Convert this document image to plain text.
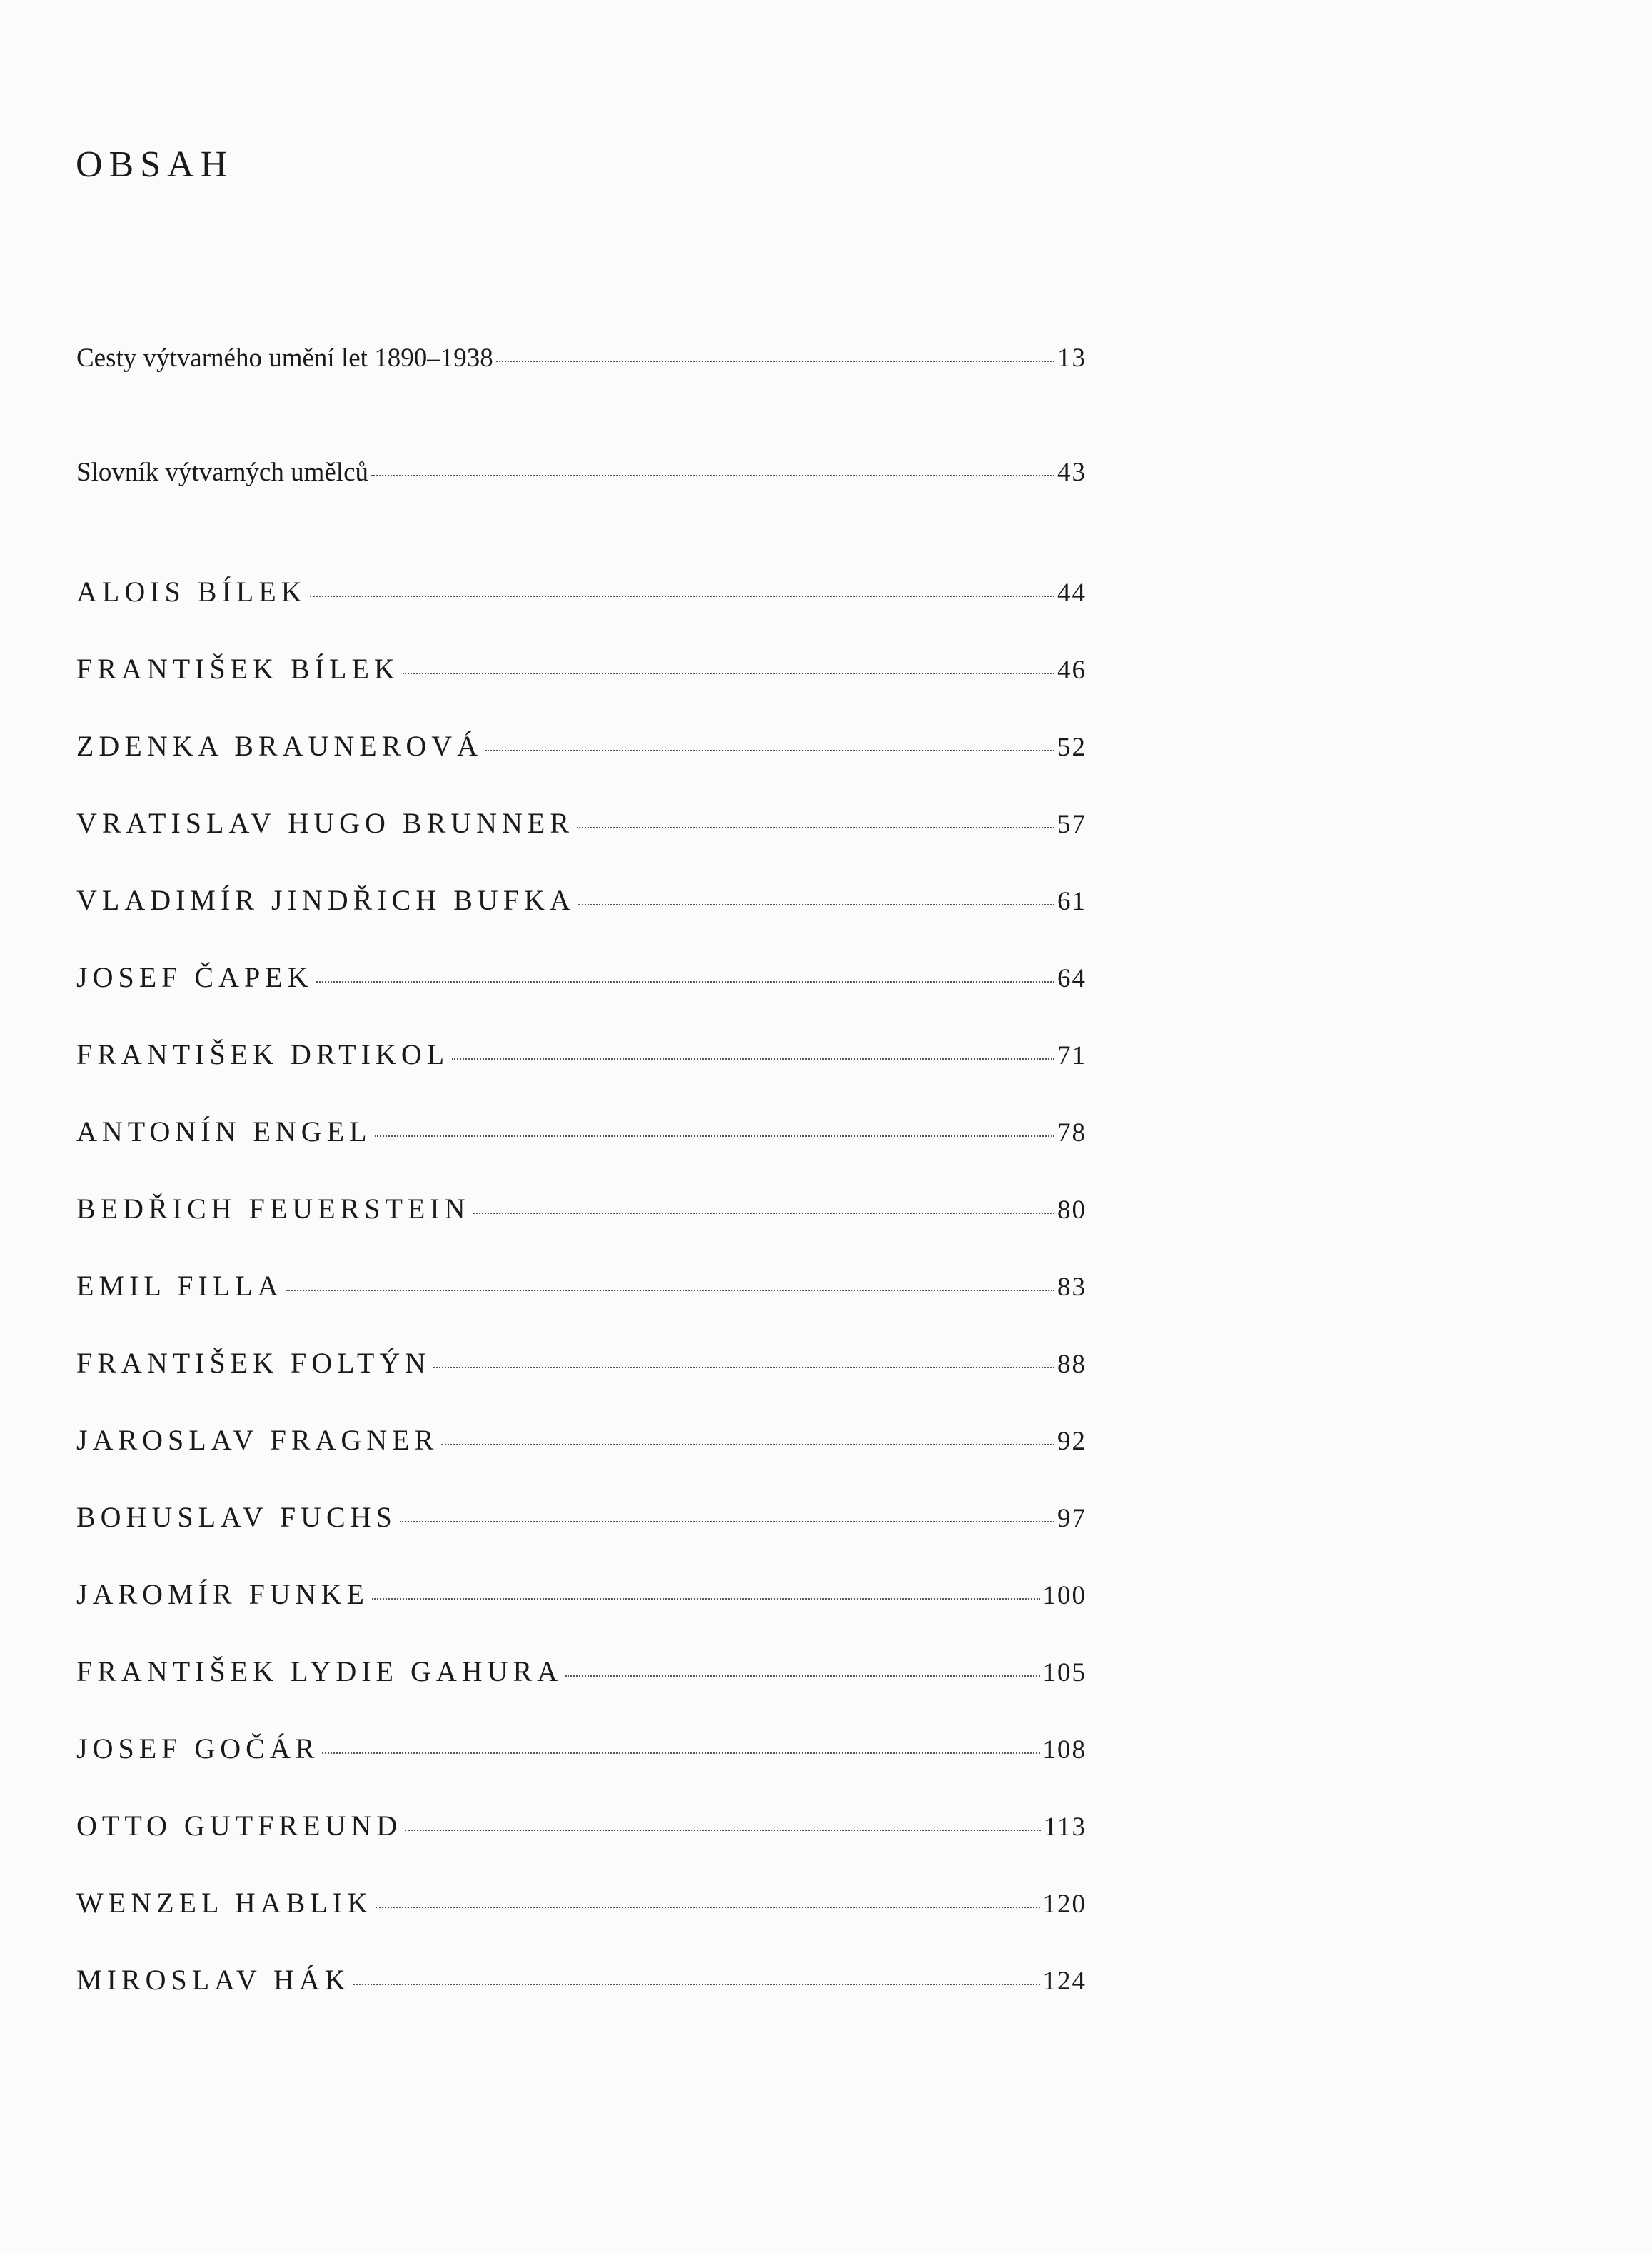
OBSAH
Cesty výtvarného umění let 1890–1938	13
Slovník výtvarných umělců	43
ALOIS BÍLEK	44
FRANTIŠEK BÍLEK	46
ZDENKA BRAUNEROVÁ	52
VRATISLAV HUGO BRUNNER	57
VLADIMÍR JINDŘICH BUFKA	61
JOSEF ČAPEK	64
FRANTIŠEK DRTIKOL	71
ANTONÍN ENGEL	78
BEDŘICH FEUERSTEIN	80
EMIL FILLA	83
FRANTIŠEK FOLTÝN	88
JAROSLAV FRAGNER	92
BOHUSLAV FUCHS	97
JAROMÍR FUNKE	100
FRANTIŠEK LYDIE GAHURA	105
JOSEF GOČÁR	108
OTTO GUTFREUND	113
WENZEL HABLIK	120
MIROSLAV HÁK	124
